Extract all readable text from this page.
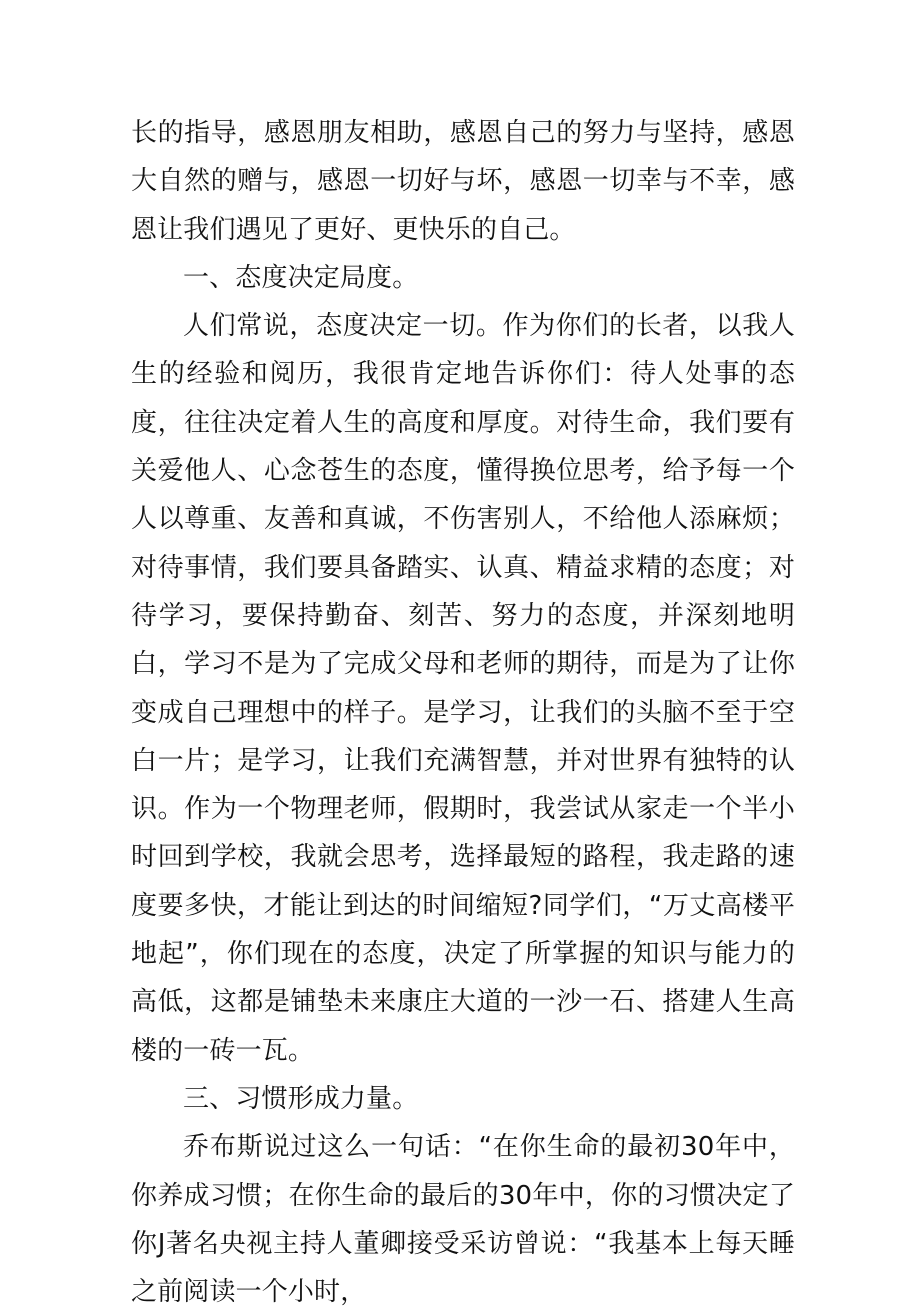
长的指导，感恩朋友相助，感恩自己的努力与坚持，感恩大自然的赠与，感恩一切好与坏，感恩一切幸与不幸，感恩让我们遇见了更好、更快乐的自己。

一、态度决定局度。

人们常说，态度决定一切。作为你们的长者，以我人生的经验和阅历，我很肯定地告诉你们：待人处事的态度，往往决定着人生的高度和厚度。对待生命，我们要有关爱他人、心念苍生的态度，懂得换位思考，给予每一个人以尊重、友善和真诚，不伤害别人，不给他人添麻烦；对待事情，我们要具备踏实、认真、精益求精的态度；对待学习，要保持勤奋、刻苦、努力的态度，并深刻地明白，学习不是为了完成父母和老师的期待，而是为了让你变成自己理想中的样子。是学习，让我们的头脑不至于空白一片；是学习，让我们充满智慧，并对世界有独特的认识。作为一个物理老师，假期时，我尝试从家走一个半小时回到学校，我就会思考，选择最短的路程，我走路的速度要多快，才能让到达的时间缩短?同学们，“万丈高楼平地起”，你们现在的态度，决定了所掌握的知识与能力的高低，这都是铺垫未来康庄大道的一沙一石、搭建人生高楼的一砖一瓦。

三、习惯形成力量。

乔布斯说过这么一句话：“在你生命的最初30年中，你养成习惯；在你生命的最后的30年中，你的习惯决定了你J著名央视主持人董卿接受采访曾说：“我基本上每天睡之前阅读一个小时，
